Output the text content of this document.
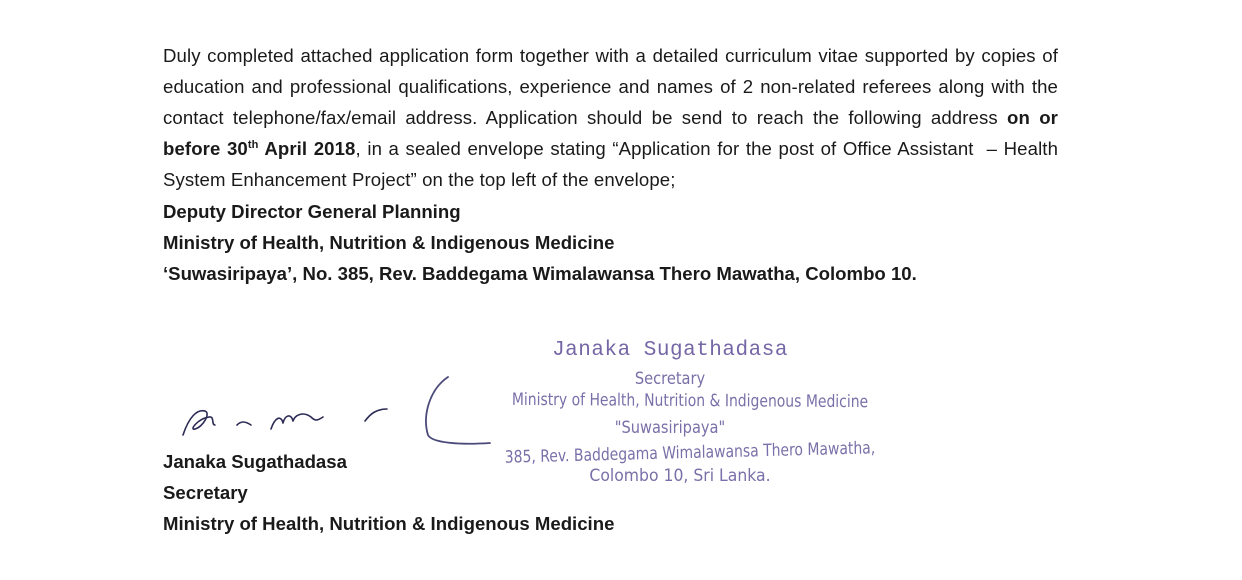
Duly completed attached application form together with a detailed curriculum vitae supported by copies of education and professional qualifications, experience and names of 2 non-related referees along with the contact telephone/fax/email address. Application should be send to reach the following address on or before 30th April 2018, in a sealed envelope stating “Application for the post of Office Assistant  – Health System Enhancement Project” on the top left of the envelope;

Deputy Director General Planning
Ministry of Health, Nutrition & Indigenous Medicine
‘Suwasiripaya’, No. 385, Rev. Baddegama Wimalawansa Thero Mawatha, Colombo 10.
Janaka Sugathadasa
Secretary
Ministry of Health, Nutrition & Indigenous Medicine
"Suwasiripaya"
385, Rev. Baddegama Wimalawansa Thero Mawatha,
Colombo 10, Sri Lanka.
Janaka Sugathadasa
Secretary
Ministry of Health, Nutrition & Indigenous Medicine
